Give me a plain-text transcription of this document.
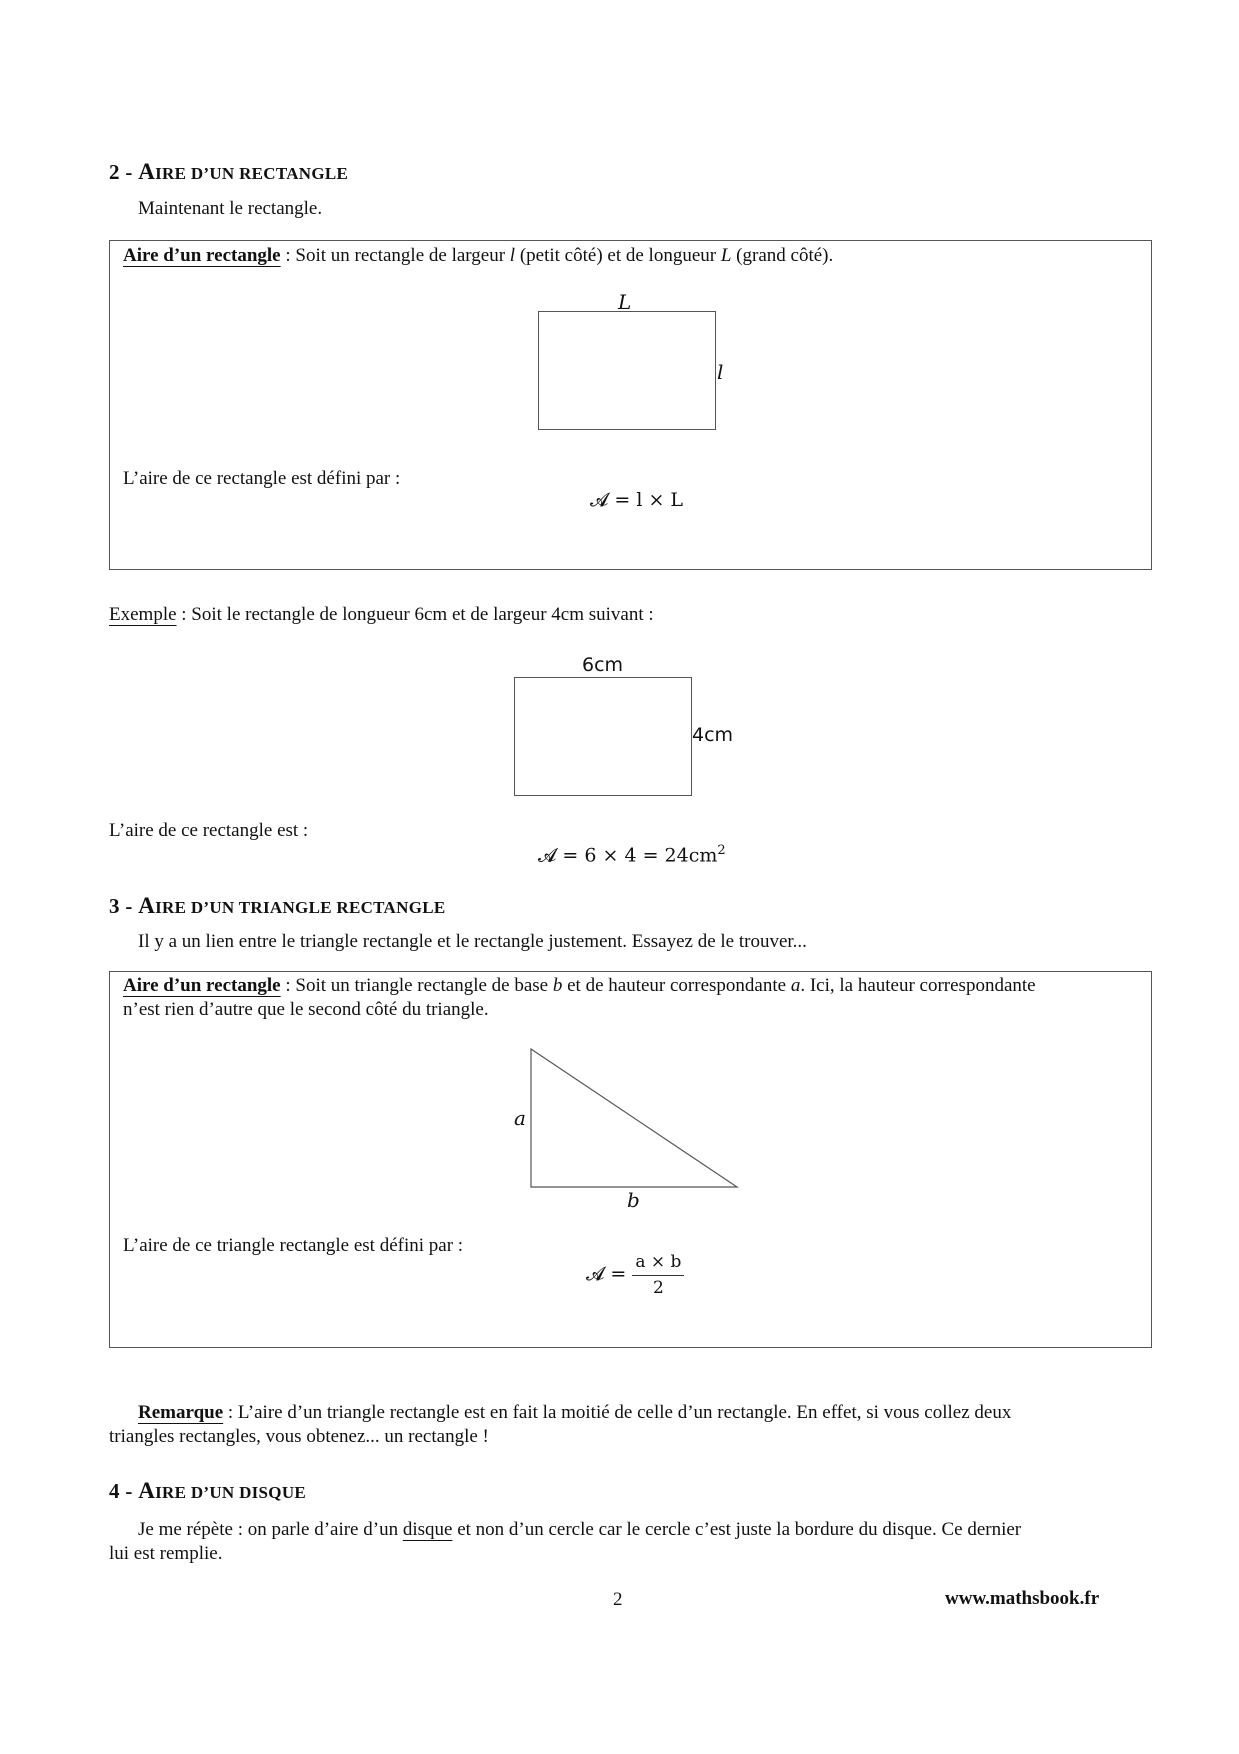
2 - AIRE D’UN RECTANGLE
Maintenant le rectangle.
Aire d’un rectangle : Soit un rectangle de largeur l (petit côté) et de longueur L (grand côté).
L
l
L’aire de ce rectangle est défini par :
𝓐 = l × L
Exemple : Soit le rectangle de longueur 6cm et de largeur 4cm suivant :
6cm
4cm
L’aire de ce rectangle est :
𝓐 = $6 \times 4 = 24cm^2$
3 - AIRE D’UN TRIANGLE RECTANGLE
Il y a un lien entre le triangle rectangle et le rectangle justement. Essayez de le trouver...
Aire d’un rectangle : Soit un triangle rectangle de base b et de hauteur correspondante a. Ici, la hauteur correspondante
n’est rien d’autre que le second côté du triangle.
a
b
L’aire de ce triangle rectangle est défini par :
𝓐 = $\frac{a \times b}{2}$
Remarque : L’aire d’un triangle rectangle est en fait la moitié de celle d’un rectangle. En effet, si vous collez deux
triangles rectangles, vous obtenez... un rectangle !
4 - AIRE D’UN DISQUE
Je me répète : on parle d’aire d’un disque et non d’un cercle car le cercle c’est juste la bordure du disque. Ce dernier
lui est remplie.
2	www.mathsbook.fr
